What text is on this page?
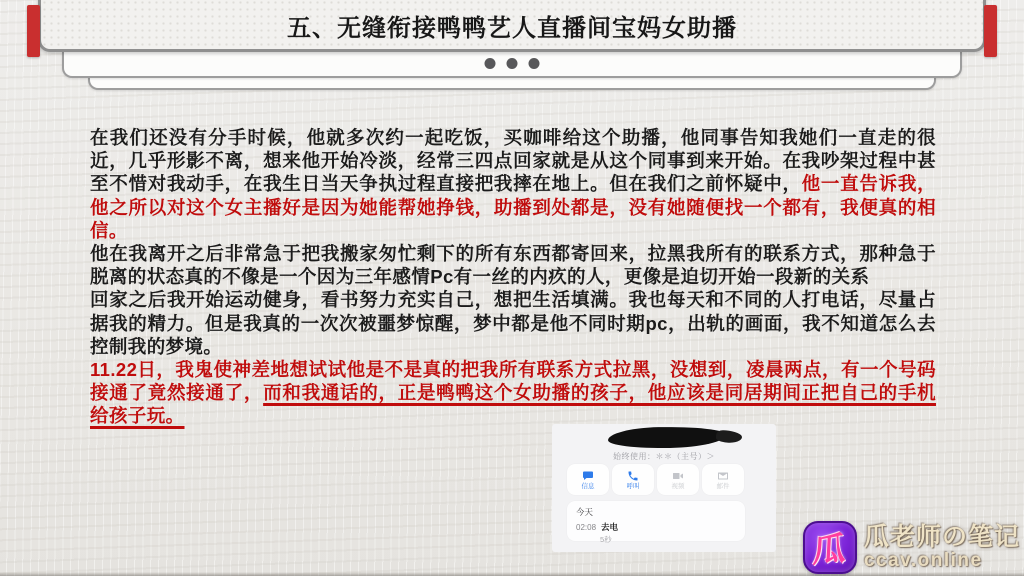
五、无缝衔接鸭鸭艺人直播间宝妈女助播

在我们还没有分手时候，他就多次约一起吃饭，买咖啡给这个助播，他同事告知我她们一直走的很近，几乎形影不离，想来他开始冷淡，经常三四点回家就是从这个同事到来开始。在我吵架过程中甚至不惜对我动手，在我生日当天争执过程直接把我摔在地上。但在我们之前怀疑中，他一直告诉我，他之所以对这个女主播好是因为她能帮她挣钱，助播到处都是，没有她随便找一个都有，我便真的相信。

他在我离开之后非常急于把我搬家匆忙剩下的所有东西都寄回来，拉黑我所有的联系方式，那种急于脱离的状态真的不像是一个因为三年感情Pc有一丝的内疚的人，更像是迫切开始一段新的关系
回家之后我开始运动健身，看书努力充实自己，想把生活填满。我也每天和不同的人打电话，尽量占据我的精力。但是我真的一次次被噩梦惊醒，梦中都是他不同时期pc，出轨的画面，我不知道怎么去控制我的梦境。

11.22日，我鬼使神差地想试试他是不是真的把我所有联系方式拉黑，没想到，凌晨两点，有一个号码接通了竟然接通了，而和我通话的，正是鸭鸭这个女助播的孩子，他应该是同居期间正把自己的手机给孩子玩。

始终使用：＊＊（主号）＞
信息	呼叫	视频	邮件
今天
02:08 去电
5秒	瓜 瓜老师の笔记
ccav.online
